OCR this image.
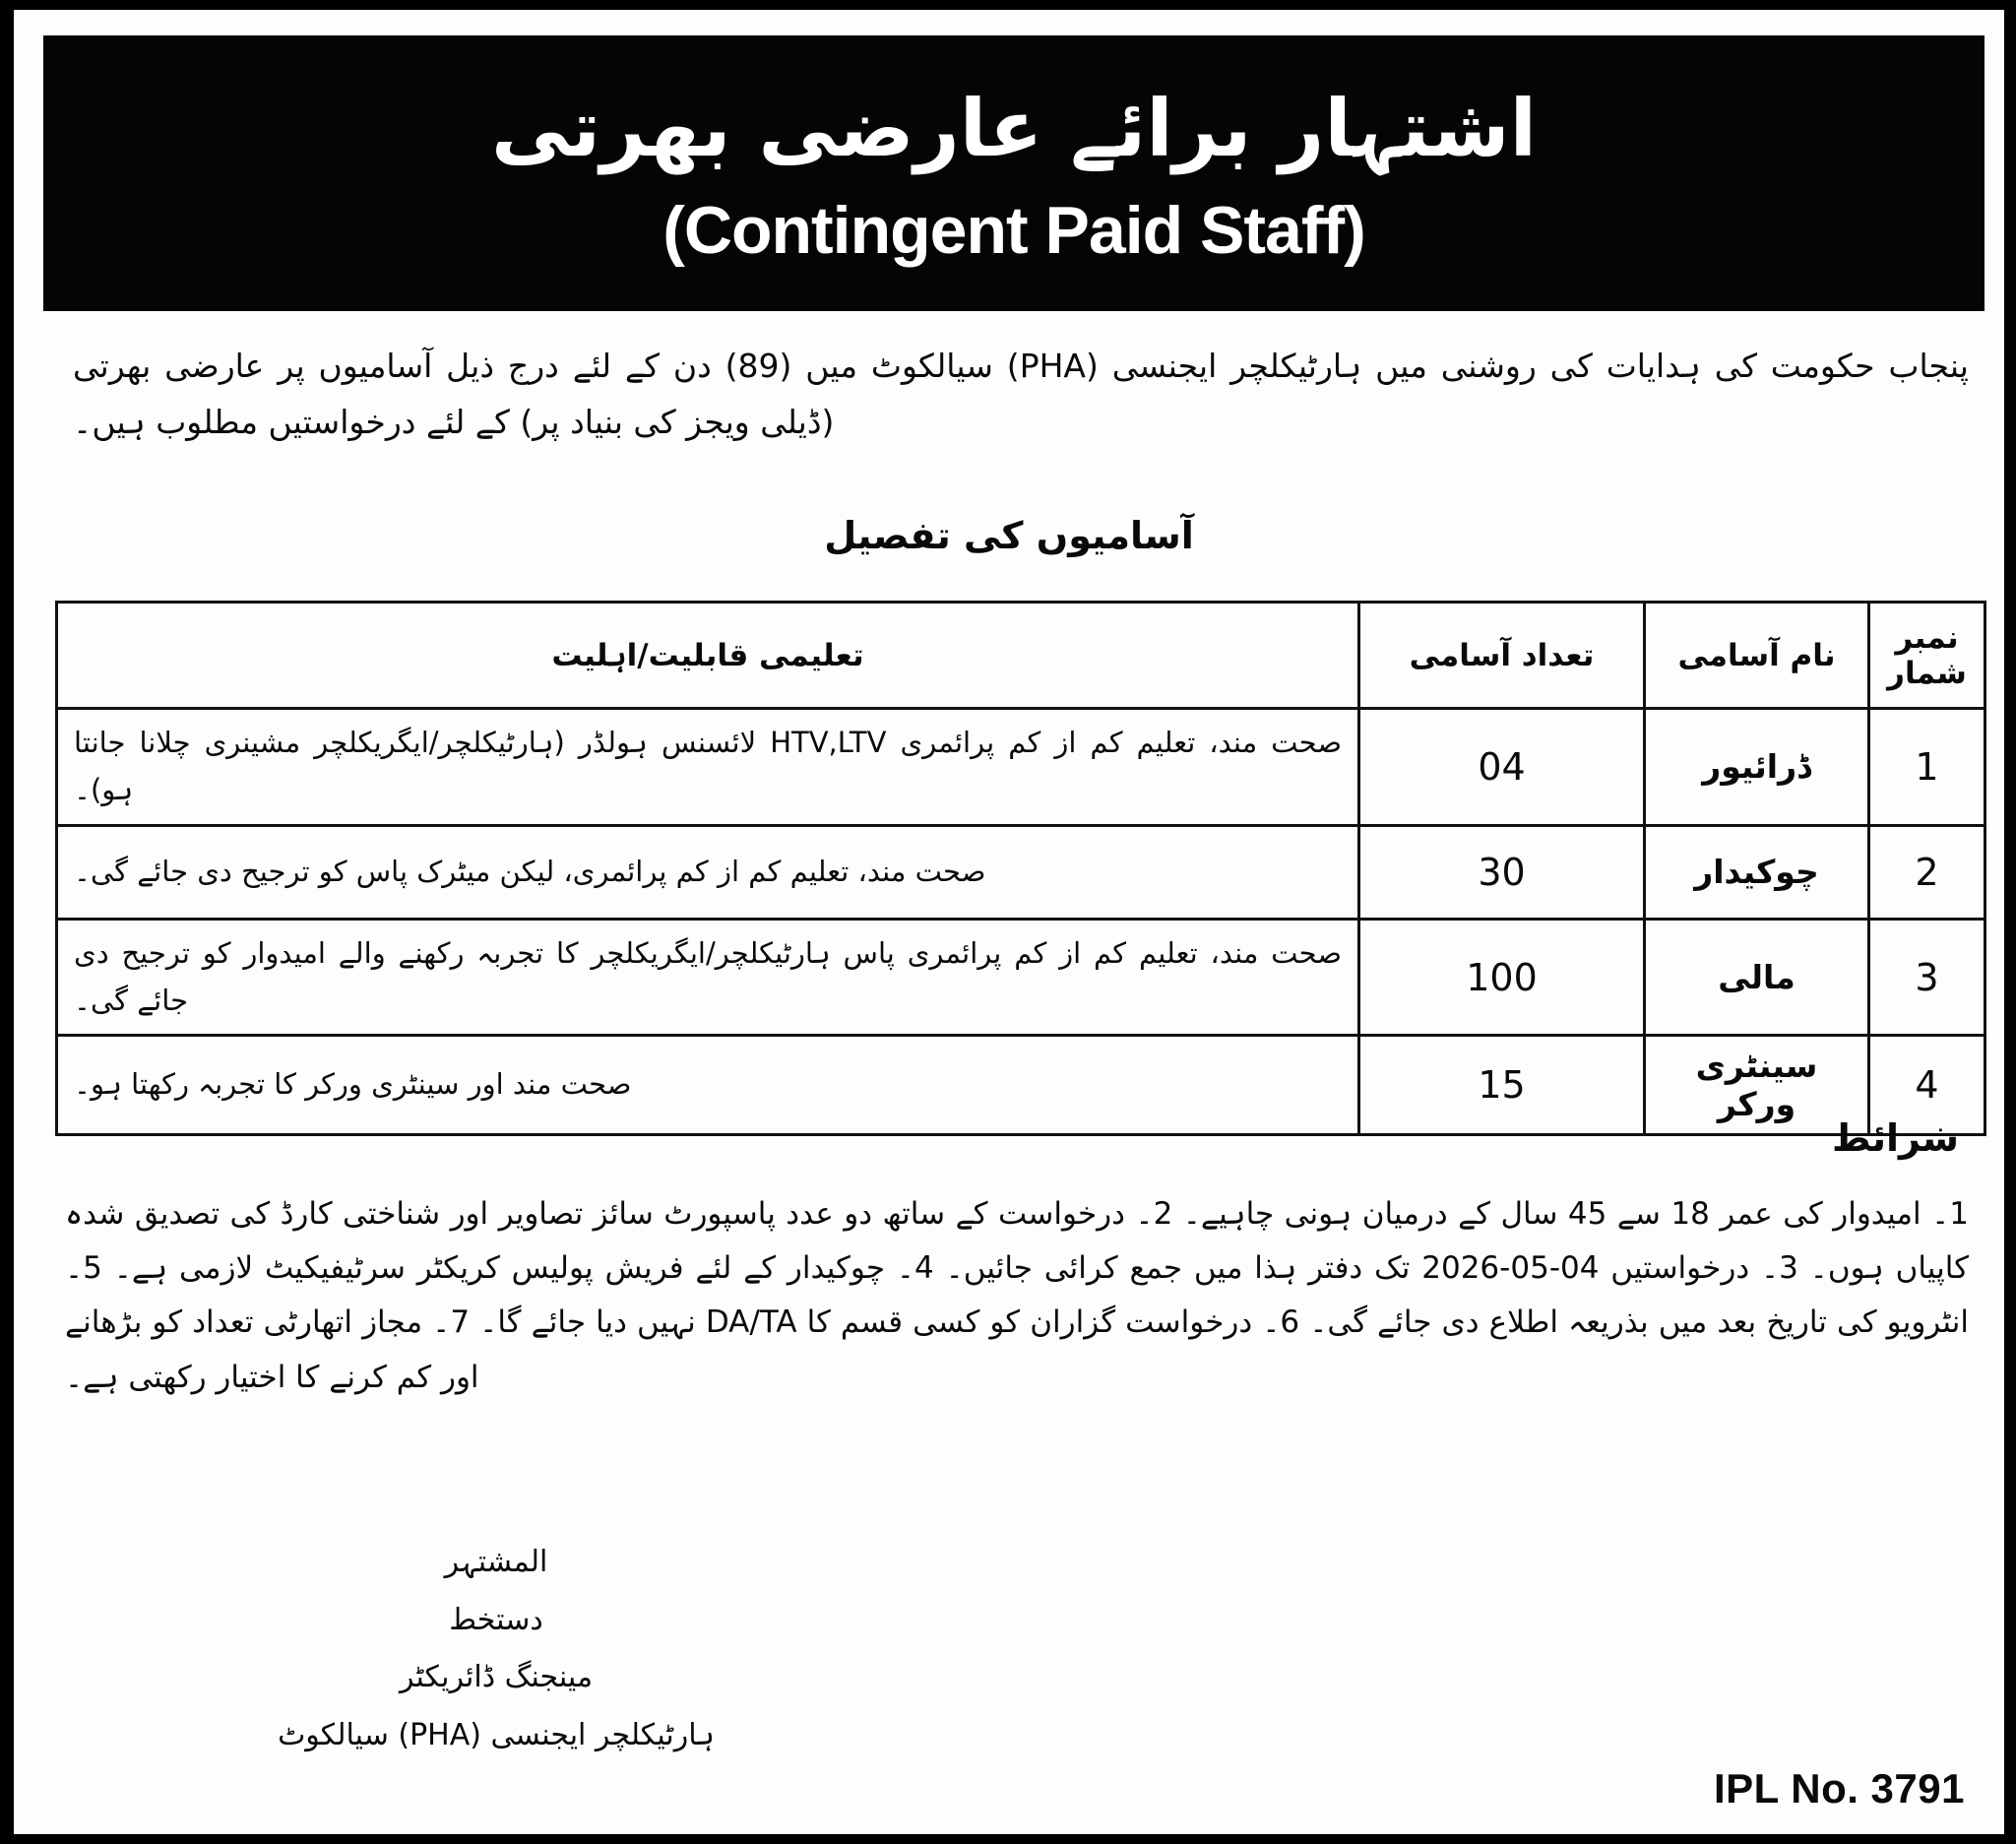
اشتہار برائے عارضی بھرتی
(Contingent Paid Staff)
پنجاب حکومت کی ہدایات کی روشنی میں ہارٹیکلچر ایجنسی (PHA) سیالکوٹ میں (89) دن کے لئے درج ذیل آسامیوں پر عارضی بھرتی (ڈیلی ویجز کی بنیاد پر) کے لئے درخواستیں مطلوب ہیں۔
آسامیوں کی تفصیل
نمبر شمار	نام آسامی	تعداد آسامی	تعلیمی قابلیت/اہلیت
1	ڈرائیور	04	صحت مند، تعلیم کم از کم پرائمری HTV,LTV لائسنس ہولڈر (ہارٹیکلچر/ایگریکلچر مشینری چلانا جانتا ہو)۔
2	چوکیدار	30	صحت مند، تعلیم کم از کم پرائمری، لیکن میٹرک پاس کو ترجیح دی جائے گی۔
3	مالی	100	صحت مند، تعلیم کم از کم پرائمری پاس ہارٹیکلچر/ایگریکلچر کا تجربہ رکھنے والے امیدوار کو ترجیح دی جائے گی۔
4	سینٹری ورکر	15	صحت مند اور سینٹری ورکر کا تجربہ رکھتا ہو۔
شرائط
1۔ امیدوار کی عمر 18 سے 45 سال کے درمیان ہونی چاہیے۔ 2۔ درخواست کے ساتھ دو عدد پاسپورٹ سائز تصاویر اور شناختی کارڈ کی تصدیق شدہ کاپیاں ہوں۔ 3۔ درخواستیں 04-05-2026 تک دفتر ہذا میں جمع کرائی جائیں۔ 4۔ چوکیدار کے لئے فریش پولیس کریکٹر سرٹیفیکیٹ لازمی ہے۔ 5۔ انٹرویو کی تاریخ بعد میں بذریعہ اطلاع دی جائے گی۔ 6۔ درخواست گزاران کو کسی قسم کا DA/TA نہیں دیا جائے گا۔ 7۔ مجاز اتھارٹی تعداد کو بڑھانے اور کم کرنے کا اختیار رکھتی ہے۔
المشتہر
دستخط
مینجنگ ڈائریکٹر
ہارٹیکلچر ایجنسی (PHA) سیالکوٹ
IPL No. 3791
